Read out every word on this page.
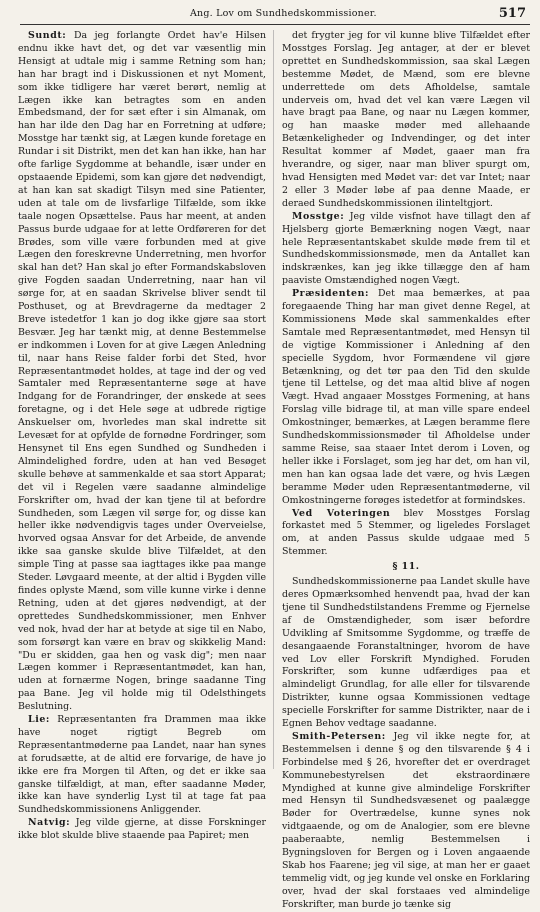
Ang. Lov om Sundhedskommissioner.	517

Sundt: Da jeg forlangte Ordet hav'e Hilsen endnu ikke havt det, og det var væsentlig min Hensigt at udtale mig i samme Retning som han; han har bragt ind i Diskussionen et nyt Moment, som ikke tidligere har været berørt, nemlig at Lægen ikke kan betragtes som en anden Embedsmand, der for sæt efter i sin Almanak, om han har ilde den Dag har en Forretning at udføre; Mosstge har tænkt sig, at Lægen kunde foretage en Rundar i sit Distrikt, men det kan han ikke, han har ofte farlige Sygdomme at behandle, især under en opstaaende Epidemi, som kan gjøre det nødvendigt, at han kan sat skadigt Tilsyn med sine Patienter, uden at tale om de livsfarlige Tilfælde, som ikke taale nogen Opsættelse. Paus har meent, at anden Passus burde udgaae for at lette Ordføreren for det Brødes, som ville være forbunden med at give Lægen den foreskrevne Underretning, men hvorfor skal han det? Han skal jo efter Formandskabsloven give Fogden saadan Underretning, naar han vil sørge for, at en saadan Skrivelse bliver sendt til Posthuset, og at Brevdragerne da medtager 2 Breve istedetfor 1 kan jo dog ikke gjøre saa stort Besvær. Jeg har tænkt mig, at denne Bestemmelse er indkommen i Loven for at give Lægen Anledning til, naar hans Reise falder forbi det Sted, hvor Repræsentantmødet holdes, at tage ind der og ved Samtaler med Repræsentanterne søge at have Indgang for de Forandringer, der ønskede at sees foretagne, og i det Hele søge at udbrede rigtige Anskuelser om, hvorledes man skal indrette sit Levesæt for at opfylde de fornødne Fordringer, som Hensynet til Ens egen Sundhed og Sundheden i Almindelighed fordre, uden at han ved Besøget skulle behøve at sammenkalde et saa stort Apparat; det vil i Regelen være saadanne almindelige Forskrifter om, hvad der kan tjene til at befordre Sundheden, som Lægen vil sørge for, og disse kan heller ikke nødvendigvis tages under Overveielse, hvorved ogsaa Ansvar for det Arbeide, de anvende ikke saa ganske skulde blive Tilfældet, at den simple Ting at passe saa iagttages ikke paa mange Steder. Løvgaard meente, at der altid i Bygden ville findes oplyste Mænd, som ville kunne virke i denne Retning, uden at det gjøres nødvendigt, at der oprettedes Sundhedskommissioner, men Enhver ved nok, hvad der har at betyde at sige til en Nabo, som forsørgt kan være en brav og skikkelig Mand: "Du er skidden, gaa hen og vask dig"; men naar Lægen kommer i Repræsentantmødet, kan han, uden at fornærme Nogen, bringe saadanne Ting paa Bane. Jeg vil holde mig til Odelsthingets Beslutning.

Lie: Repræsentanten fra Drammen maa ikke have noget rigtigt Begreb om Repræsentantmøderne paa Landet, naar han synes at forudsætte, at de altid ere forvarige, de have jo ikke ere fra Morgen til Aften, og det er ikke saa ganske tilfældigt, at man, efter saadanne Møder, ikke kan have synderlig Lyst til at tage fat paa Sundhedskommissionens Anliggender.

Natvig: Jeg vilde gjerne, at disse Forskninger ikke blot skulde blive staaende paa Papiret; men

det frygter jeg for vil kunne blive Tilfældet efter Mosstges Forslag. Jeg antager, at der er blevet oprettet en Sundhedskommission, saa skal Lægen bestemme Mødet, de Mænd, som ere blevne underrettede om dets Afholdelse, samtale underveis om, hvad det vel kan være Lægen vil have bragt paa Bane, og naar nu Lægen kommer, og han maaske møder med allehaande Betænkeligheder og Indvendinger, og det inter Resultat kommer af Mødet, gaaer man fra hverandre, og siger, naar man bliver spurgt om, hvad Hensigten med Mødet var: det var Intet; naar 2 eller 3 Møder løbe af paa denne Maade, er deraed Sundhedskommissionen ilinteltgjort.

Mosstge: Jeg vilde visfnot have tillagt den af Hjelsberg gjorte Bemærkning nogen Vægt, naar hele Repræsentantskabet skulde møde frem til et Sundhedskommissionsmøde, men da Antallet kan indskrænkes, kan jeg ikke tillægge den af ham paaviste Omstændighed nogen Vægt.

Præsidenten: Det maa bemærkes, at paa foregaaende Thing har man givet denne Regel, at Kommissionens Møde skal sammenkaldes efter Samtale med Repræsentantmødet, med Hensyn til de vigtige Kommissioner i Anledning af den specielle Sygdom, hvor Formændene vil gjøre Betænkning, og det tør paa den Tid den skulde tjene til Lettelse, og det maa altid blive af nogen Vægt. Hvad angaaer Mosstges Formening, at hans Forslag ville bidrage til, at man ville spare endeel Omkostninger, bemærkes, at Lægen beramme flere Sundhedskommissionsmøder til Afholdelse under samme Reise, saa staaer Intet derom i Loven, og heller ikke i Forslaget, som jeg har det, om han vil, men han kan ogsaa lade det være, og hvis Lægen beramme Møder uden Repræsentantmøderne, vil Omkostningerne forøges istedetfor at formindskes.

Ved Voteringen blev Mosstges Forslag forkastet med 5 Stemmer, og ligeledes Forslaget om, at anden Passus skulde udgaae med 5 Stemmer.

§ 11.

Sundhedskommissionerne paa Landet skulle have deres Opmærksomhed henvendt paa, hvad der kan tjene til Sundhedstilstandens Fremme og Fjernelse af de Omstændigheder, som især befordre Udvikling af Smitsomme Sygdomme, og træffe de desangaaende Foranstaltninger, hvorom de have ved Lov eller Forskrift Myndighed. Foruden Forskrifter, som kunne udfærdiges paa et almindeligt Grundlag, for alle eller for tilsvarende Distrikter, kunne ogsaa Kommissionen vedtage specielle Forskrifter for samme Distrikter, naar de i Egnen Behov vedtage saadanne.

Smith-Petersen: Jeg vil ikke negte for, at Bestemmelsen i denne § og den tilsvarende § 4 i Forbindelse med § 26, hvorefter det er overdraget Kommunebestyrelsen det ekstraordinære Myndighed at kunne give almindelige Forskrifter med Hensyn til Sundhedsvæsenet og paalægge Bøder for Overtrædelse, kunne synes nok vidtgaaende, og om de Analogier, som ere blevne paaberaabte, nemlig Bestemmelsen i Bygningsloven for Bergen og i Loven angaaende Skab hos Faarene; jeg vil sige, at man her er gaaet temmelig vidt, og jeg kunde vel onske en Forklaring over, hvad der skal forstaaes ved almindelige Forskrifter, man burde jo tænke sig
